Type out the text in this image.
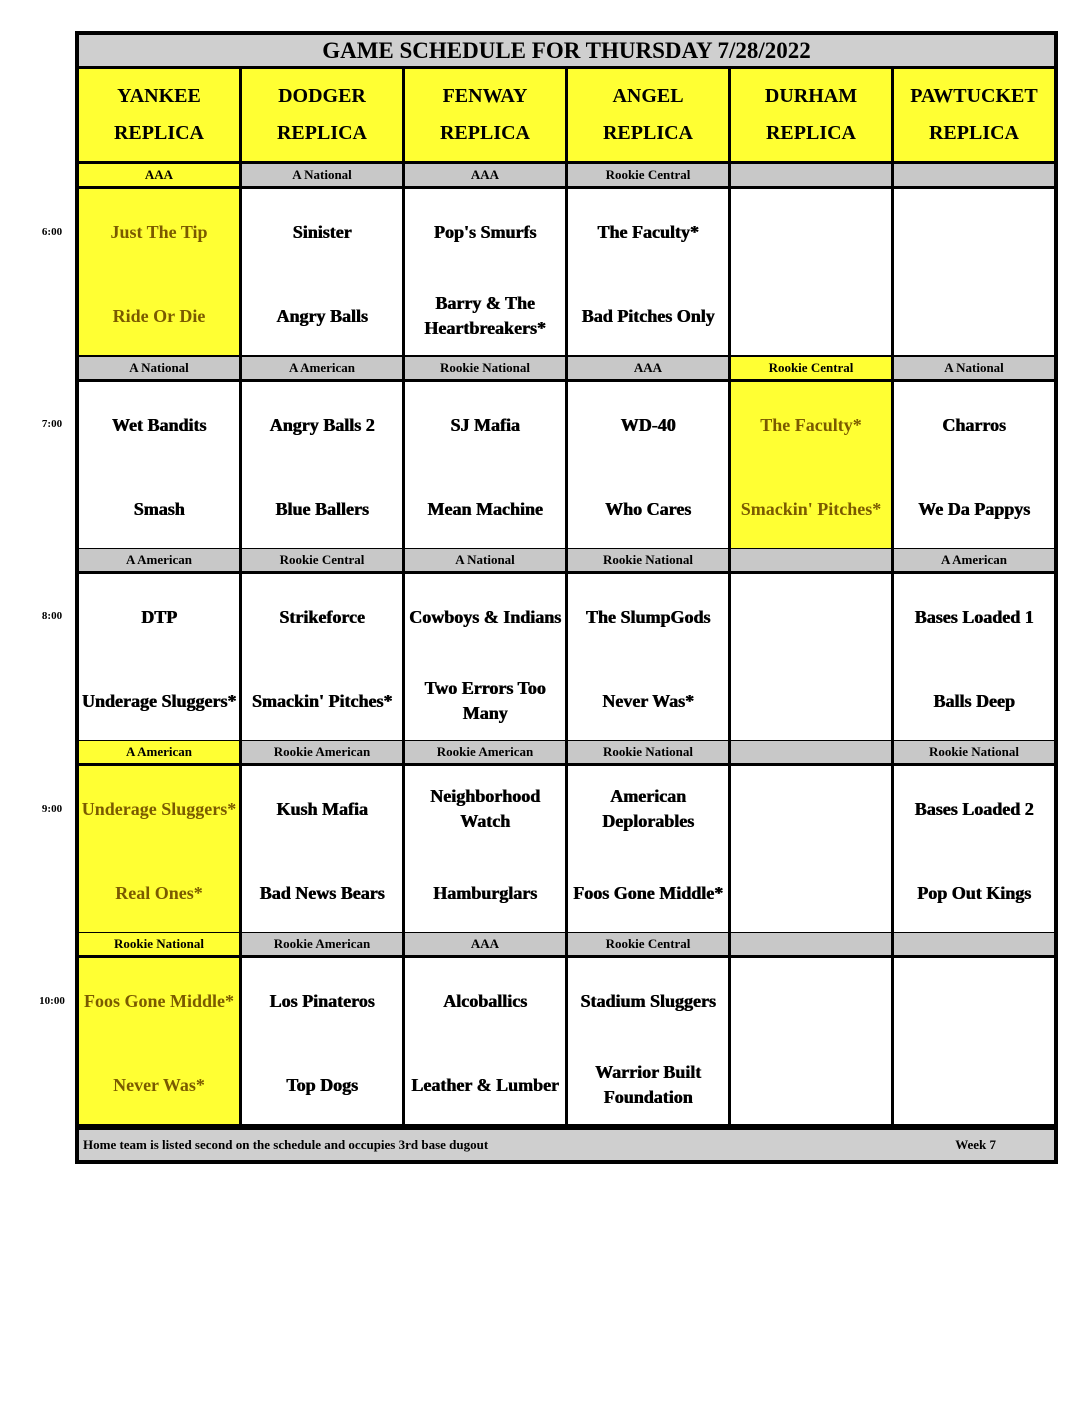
GAME SCHEDULE FOR THURSDAY 7/28/2022
YANKEE
REPLICA
DODGER
REPLICA
FENWAY
REPLICA
ANGEL
REPLICA
DURHAM
REPLICA
PAWTUCKET
REPLICA
AAA
Just The Tip
Ride Or Die
A National
Sinister
Angry Balls
AAA
Pop's Smurfs
Barry & The Heartbreakers*
Rookie Central
The Faculty*
Bad Pitches Only
A National
Wet Bandits
Smash
A American
Angry Balls 2
Blue Ballers
Rookie National
SJ Mafia
Mean Machine
AAA
WD-40
Who Cares
Rookie Central
The Faculty*
Smackin' Pitches*
A National
Charros
We Da Pappys
A American
DTP
Underage Sluggers*
Rookie Central
Strikeforce
Smackin' Pitches*
A National
Cowboys & Indians
Two Errors Too Many
Rookie National
The SlumpGods
Never Was*
A American
Bases Loaded 1
Balls Deep
A American
Underage Sluggers*
Real Ones*
Rookie American
Kush Mafia
Bad News Bears
Rookie American
Neighborhood Watch
Hamburglars
Rookie National
American Deplorables
Foos Gone Middle*
Rookie National
Bases Loaded 2
Pop Out Kings
Rookie National
Foos Gone Middle*
Never Was*
Rookie American
Los Pinateros
Top Dogs
AAA
Alcoballics
Leather & Lumber
Rookie Central
Stadium Sluggers
Warrior Built Foundation
Home team is listed second on the schedule and occupies 3rd base dugout	Week 7
6:00
7:00
8:00
9:00
10:00
